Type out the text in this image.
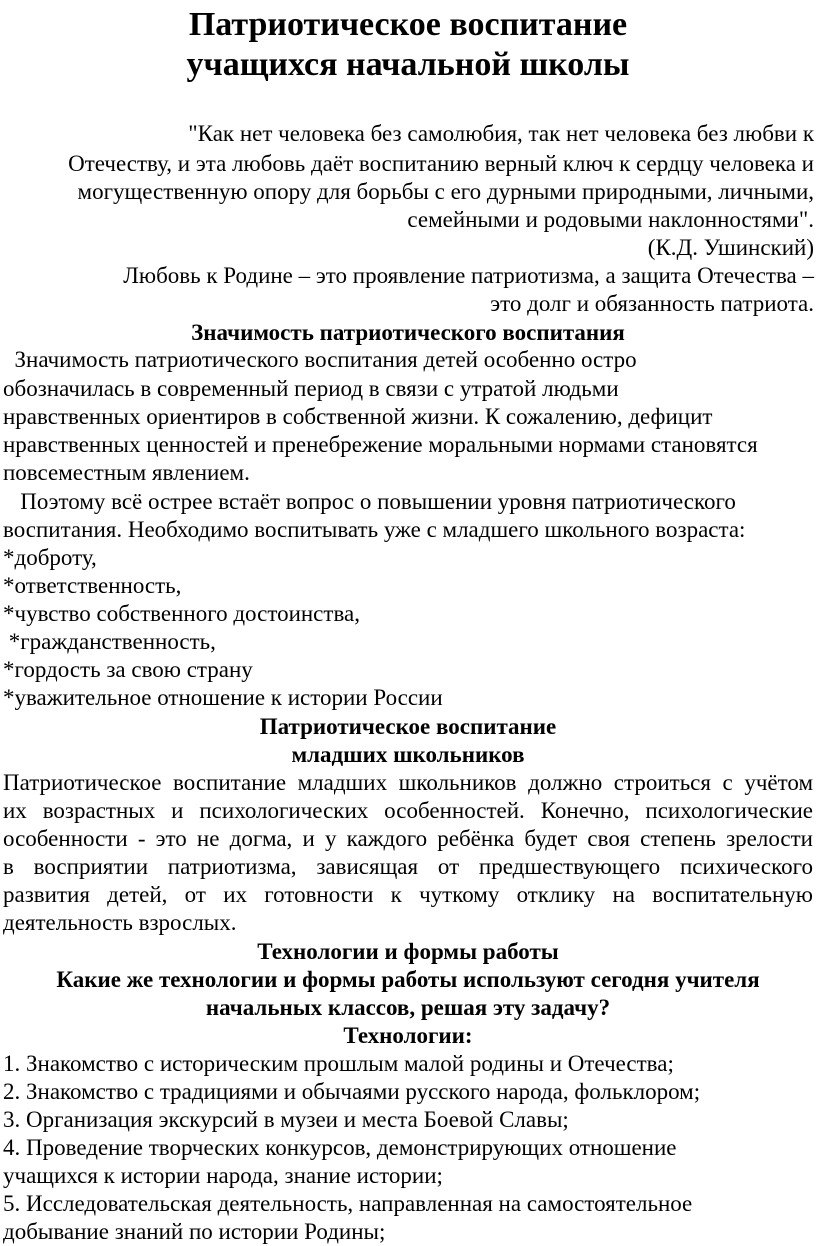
Патриотическое воспитание
учащихся начальной школы

"Как нет человека без самолюбия, так нет человека без любви к

Отечеству, и эта любовь даёт воспитанию верный ключ к сердцу человека и

могущественную опору для борьбы с его дурными природными, личными,

семейными и родовыми наклонностями".

(К.Д. Ушинский)

Любовь к Родине – это проявление патриотизма, а защита Отечества –

это долг и обязанность патриота.

Значимость патриотического воспитания

Значимость патриотического воспитания детей особенно остро

обозначилась в современный период в связи с утратой людьми

нравственных ориентиров в собственной жизни. К сожалению, дефицит

нравственных ценностей и пренебрежение моральными нормами становятся

повсеместным явлением.

Поэтому всё острее встаёт вопрос о повышении уровня патриотического

воспитания. Необходимо воспитывать уже с младшего школьного возраста:

*доброту,

*ответственность,

*чувство собственного достоинства,

*гражданственность,

*гордость за свою страну

*уважительное отношение к истории России

Патриотическое воспитание

младших школьников

Патриотическое воспитание младших школьников должно строиться с учётом

их возрастных и психологических особенностей. Конечно, психологические

особенности - это не догма, и у каждого ребёнка будет своя степень зрелости

в восприятии патриотизма, зависящая от предшествующего психического

развития детей, от их готовности к чуткому отклику на воспитательную

деятельность взрослых.

Технологии и формы работы

Какие же технологии и формы работы используют сегодня учителя

начальных классов, решая эту задачу?

Технологии:

1. Знакомство с историческим прошлым малой родины и Отечества;

2. Знакомство с традициями и обычаями русского народа, фольклором;

3. Организация экскурсий в музеи и места Боевой Славы;

4. Проведение творческих конкурсов, демонстрирующих отношение

учащихся к истории народа, знание истории;

5. Исследовательская деятельность, направленная на самостоятельное

добывание знаний по истории Родины;
